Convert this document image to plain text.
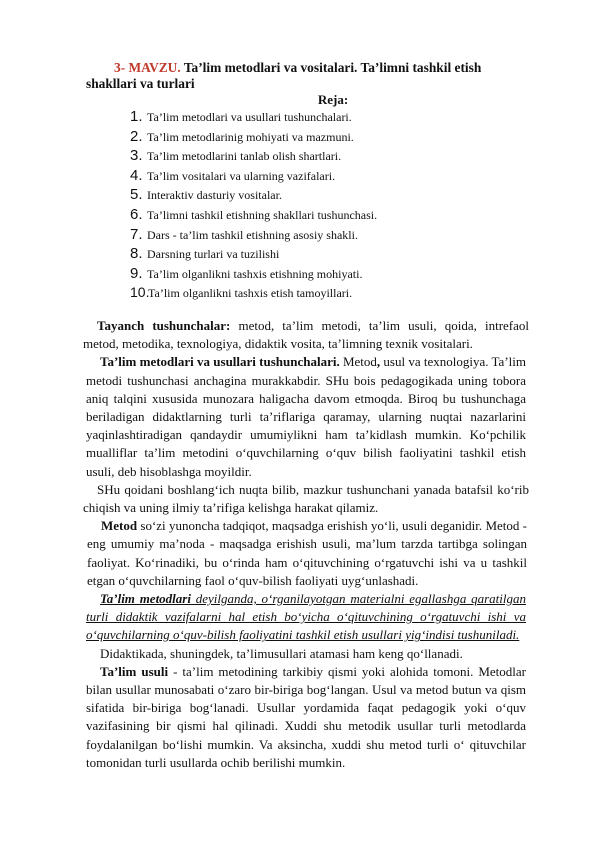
3- MAVZU. Ta’lim metodlari va vositalari. Ta’limni tashkil etish shakllari va turlari
Reja:
1. Ta’lim metodlari va usullari tushunchalari.
2. Ta’lim metodlarinig mohiyati va mazmuni.
3. Ta’lim metodlarini tanlab olish shartlari.
4. Ta’lim vositalari va ularning vazifalari.
5. Interaktiv dasturiy vositalar.
6. Ta’limni tashkil etishning shakllari tushunchasi.
7. Dars - ta’lim tashkil etishning asosiy shakli.
8. Darsning turlari va tuzilishi
9. Ta’lim olganlikni tashxis etishning mohiyati.
10.
Ta’lim olganlikni tashxis etish tamoyillari.

Tayanch tushunchalar: metod, ta’lim metodi, ta’lim usuli, qoida, intrefaol metod, metodika, texnologiya, didaktik vosita, ta’limning texnik vositalari.

Ta’lim metodlari va usullari tushunchalari. Metod, usul va texnologiya. Ta’lim metodi tushunchasi anchagina murakkabdir. SHu bois pedagogikada uning tobora aniq talqini xususida munozara haligacha davom etmoqda. Biroq bu tushunchaga beriladigan didaktlarning turli ta’riflariga qaramay, ularning nuqtai nazarlarini yaqinlashtiradigan qandaydir umumiylikni ham ta’kidlash mumkin. Ko‘pchilik mualliflar ta’lim metodini o‘quvchilarning o‘quv bilish faoliyatini tashkil etish usuli, deb hisoblashga moyildir.

SHu qoidani boshlang‘ich nuqta bilib, mazkur tushunchani yanada batafsil ko‘rib chiqish va uning ilmiy ta’rifiga kelishga harakat qilamiz.

Metod so‘zi yunoncha tadqiqot, maqsadga erishish yo‘li, usuli deganidir. Metod - eng umumiy ma’noda - maqsadga erishish usuli, ma’lum tarzda tartibga solingan faoliyat. Ko‘rinadiki, bu o‘rinda ham o‘qituvchining o‘rgatuvchi ishi va u tashkil etgan o‘quvchilarning faol o‘quv-bilish faoliyati uyg‘unlashadi.

Ta’lim metodlari deyilganda, o‘rganilayotgan materialni egallashga qaratilgan turli didaktik vazifalarni hal etish bo‘yicha o‘qituvchining o‘rgatuvchi ishi va o‘quvchilarning o‘quv-bilish faoliyatini tashkil etish usullari yig‘indisi tushuniladi.

Didaktikada, shuningdek, ta’limusullari atamasi ham keng qo‘llanadi.

Ta’lim usuli - ta’lim metodining tarkibiy qismi yoki alohida tomoni. Metodlar bilan usullar munosabati o‘zaro bir-biriga bog‘langan. Usul va metod butun va qism sifatida bir-biriga bog‘lanadi. Usullar yordamida faqat pedagogik yoki o‘quv vazifasining bir qismi hal qilinadi. Xuddi shu metodik usullar turli metodlarda foydalanilgan bo‘lishi mumkin. Va aksincha, xuddi shu metod turli o‘ qituvchilar tomonidan turli usullarda ochib berilishi mumkin.
